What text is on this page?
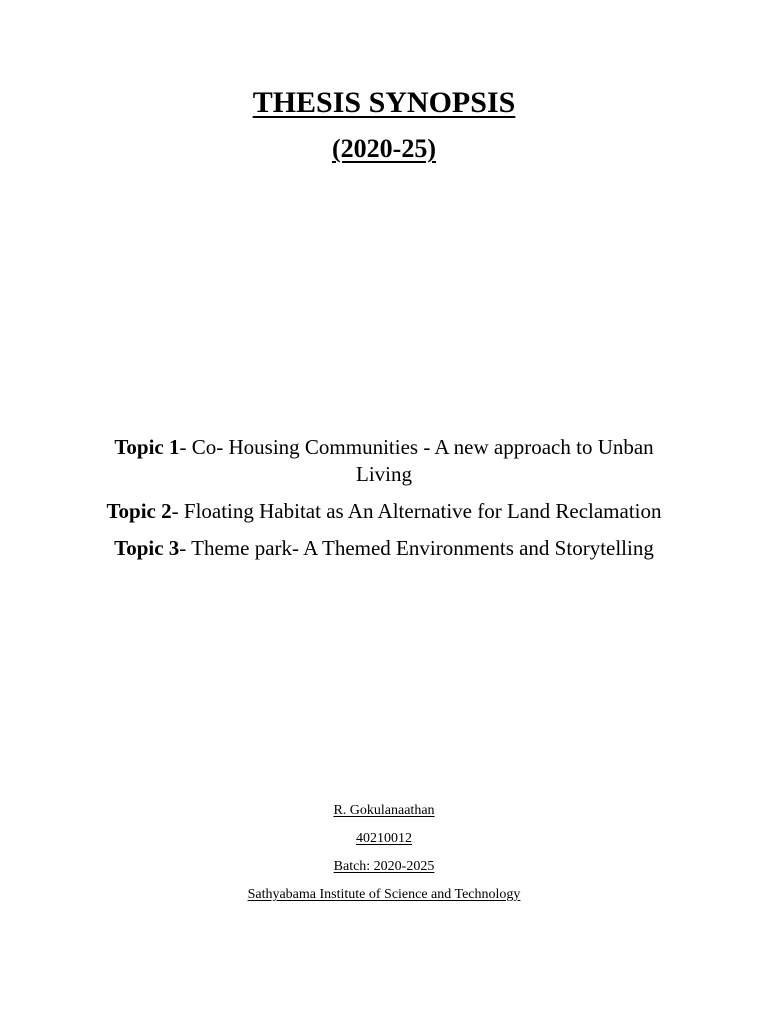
THESIS SYNOPSIS
(2020-25)

Topic 1- Co- Housing Communities - A new approach to Unban Living

Topic 2- Floating Habitat as An Alternative for Land Reclamation

Topic 3- Theme park- A Themed Environments and Storytelling

R. Gokulanaathan

40210012

Batch: 2020-2025

Sathyabama Institute of Science and Technology
